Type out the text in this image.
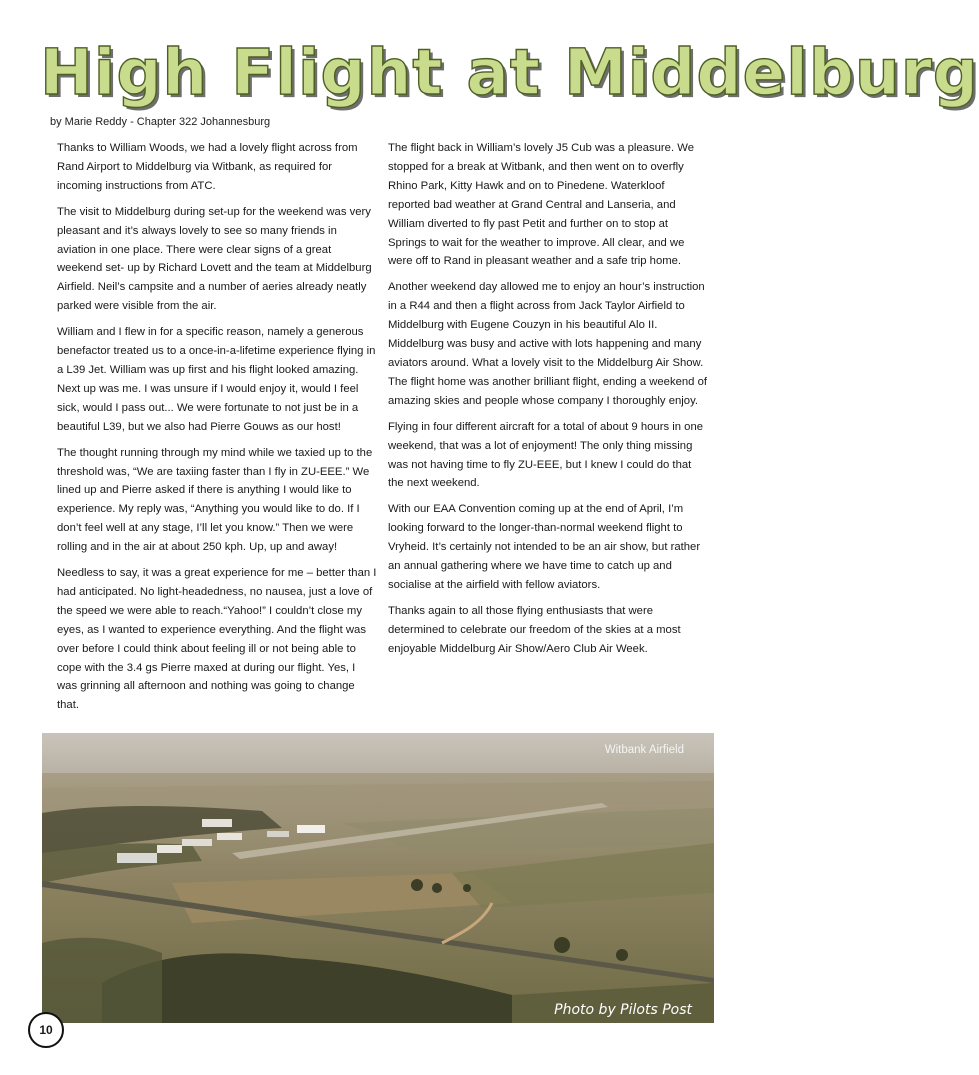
High Flight at Middelburg
by Marie Reddy - Chapter 322 Johannesburg

Thanks to William Woods, we had a lovely flight across from Rand Airport to Middelburg via Witbank, as required for incoming instructions from ATC.

The visit to Middelburg during set-up for the weekend was very pleasant and it’s always lovely to see so many friends in aviation in one place. There were clear signs of a great weekend set- up by Richard Lovett and the team at Middelburg Airfield. Neil’s campsite and a number of aeries already neatly parked were visible from the air.

William and I flew in for a specific reason, namely a generous benefactor treated us to a once-in-a-lifetime experience flying in a L39 Jet. William was up first and his flight looked amazing. Next up was me. I was unsure if I would enjoy it, would I feel sick, would I pass out... We were fortunate to not just be in a beautiful L39, but we also had Pierre Gouws as our host!

The thought running through my mind while we taxied up to the threshold was, “We are taxiing faster than I fly in ZU-EEE.” We lined up and Pierre asked if there is anything I would like to experience. My reply was, “Anything you would like to do. If I don’t feel well at any stage, I’ll let you know.” Then we were rolling and in the air at about 250 kph. Up, up and away!

Needless to say, it was a great experience for me – better than I had anticipated. No light-headedness, no nausea, just a love of the speed we were able to reach.“Yahoo!” I couldn’t close my eyes, as I wanted to experience everything. And the flight was over before I could think about feeling ill or not being able to cope with the 3.4 gs Pierre maxed at during our flight. Yes, I was grinning all afternoon and nothing was going to change that.

The flight back in William’s lovely J5 Cub was a pleasure. We stopped for a break at Witbank, and then went on to overfly Rhino Park, Kitty Hawk and on to Pinedene. Waterkloof reported bad weather at Grand Central and Lanseria, and William diverted to fly past Petit and further on to stop at Springs to wait for the weather to improve. All clear, and we were off to Rand in pleasant weather and a safe trip home.

Another weekend day allowed me to enjoy an hour’s instruction in a R44 and then a flight across from Jack Taylor Airfield to Middelburg with Eugene Couzyn in his beautiful Alo II. Middelburg was busy and active with lots happening and many aviators around. What a lovely visit to the Middelburg Air Show. The flight home was another brilliant flight, ending a weekend of amazing skies and people whose company I thoroughly enjoy.

Flying in four different aircraft for a total of about 9 hours in one weekend, that was a lot of enjoyment! The only thing missing was not having time to fly ZU-EEE, but I knew I could do that the next weekend.

With our EAA Convention coming up at the end of April, I’m looking forward to the longer-than-normal weekend flight to Vryheid. It’s certainly not intended to be an air show, but rather an annual gathering where we have time to catch up and socialise at the airfield with fellow aviators.

Thanks again to all those flying enthusiasts that were determined to celebrate our freedom of the skies at a most enjoyable Middelburg Air Show/Aero Club Air Week.

Witbank Airfield
Photo by Pilots Post
10
